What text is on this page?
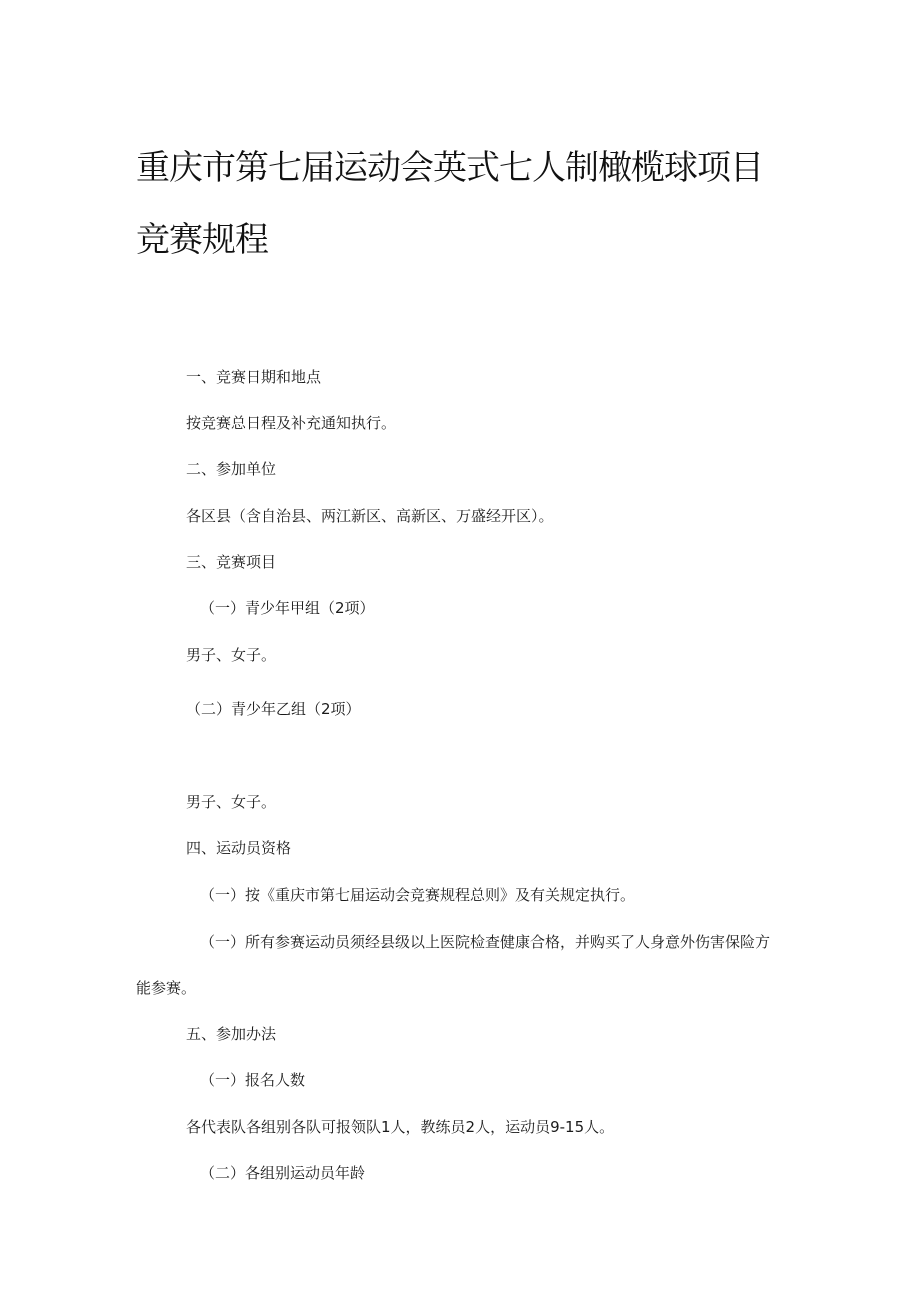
重庆市第七届运动会英式七人制橄榄球项目
竞赛规程

一、竞赛日期和地点

按竞赛总日程及补充通知执行。

二、参加单位

各区县（含自治县、两江新区、高新区、万盛经开区）。

三、竞赛项目

（一）青少年甲组（2项）

男子、女子。

（二）青少年乙组（2项）

男子、女子。

四、运动员资格

（一）按《重庆市第七届运动会竞赛规程总则》及有关规定执行。

（一）所有参赛运动员须经县级以上医院检查健康合格，并购买了人身意外伤害保险方

能参赛。

五、参加办法

（一）报名人数

各代表队各组别各队可报领队1人，教练员2人，运动员9-15人。

（二）各组别运动员年龄
